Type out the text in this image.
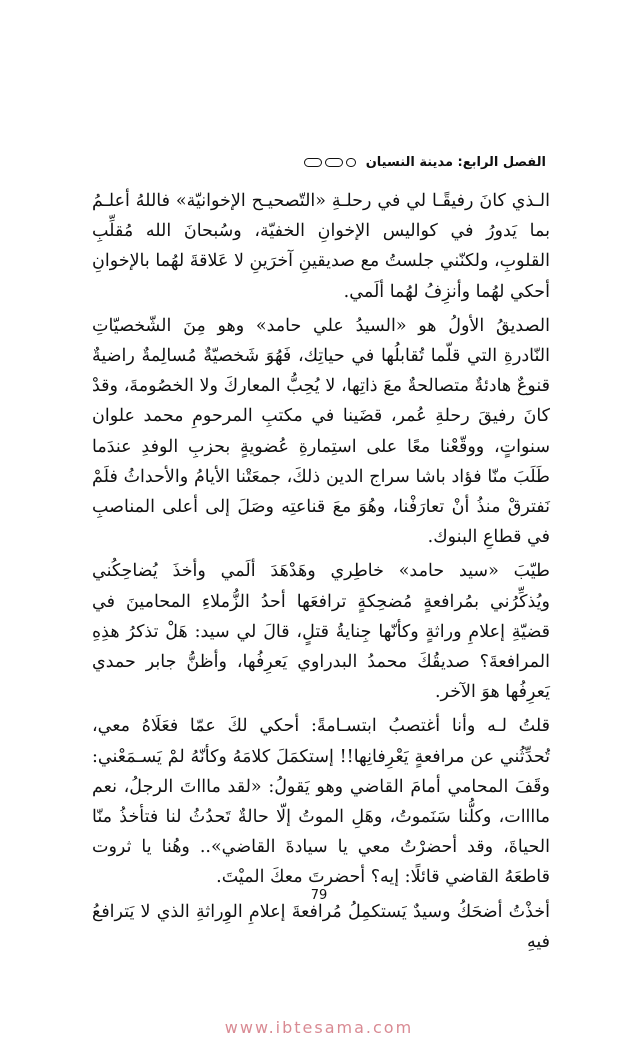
الفصل الرابع: مدينة النسيان

الـذي كانَ رفيقًـا لي في رحلـةِ «التّصحيـح الإخوانيّة» فاللهُ أعلـمُ بما يَدورُ في كواليس الإخوانِ الخفيّة، وسُبحانَ الله مُقلِّبِ القلوبِ، ولكنّني جلستُ مع صديقينِ آخرَينِ لا عَلاقةَ لهُما بالإخوانِ أحكي لهُما وأنزِفُ لهُما ألَمي.

الصديقُ الأولُ هو «السيدُ علي حامد» وهو مِنَ الشّخصيّاتِ النّادرةِ التي قلّما تُقابلُها في حياتِك، فَهُوَ شَخصيّةٌ مُسالِمةٌ راضيةٌ قنوعٌ هادئةٌ متصالحةٌ معَ ذاتِها، لا يُحِبُّ المعاركَ ولا الخصُومةَ، وقدْ كانَ رفيقَ رحلةِ عُمر، قضَينا في مكتبِ المرحومِ محمد علوان سنواتٍ، ووقّعْنا معًا على استِمارةِ عُضويةٍ بحزبِ الوفدِ عندَما طَلَبَ منّا فؤاد باشا سراج الدين ذلكَ، جمعَتْنا الأيامُ والأحداثُ فلَمْ نَفترقْ منذُ أنْ تعارَفْنا، وهُوَ معَ قناعتِه وصَلَ إلى أعلى المناصبِ في قطاعِ البنوك.

طيّبَ «سيد حامد» خاطِري وهَدْهَدَ ألَمي وأخذَ يُضاحِكُني ويُذكِّرُني بمُرافعةٍ مُضحِكةٍ ترافعَها أحدُ الزُّملاءِ المحامينَ في قضيّةِ إعلامِ وراثةٍ وكأنّها جِنايةُ قتلٍ، قالَ لي سيد: هَلْ تذكرُ هذِهِ المرافعةَ؟ صديقُكَ محمدُ البدراوي يَعرِفُها، وأظنُّ جابر حمدي يَعرِفُها هوَ الآخر.

قلتُ لـه وأنا أغتصبُ ابتسـامةً: أحكي لكَ عمّا فعَلَاهُ معي، تُحدِّثُني عن مرافعةٍ يَعْرِفانِها!! إستكمَلَ كلامَهُ وكأنّهُ لمْ يَسـمَعْني: وقَفَ المحامي أمامَ القاضي وهو يَقولُ: «لقد ماااتَ الرجلُ، نعم ماااات، وكلُّنا سَنَموتُ، وهَلِ الموتُ إلّا حالةٌ تَحدُثُ لنا فتأخذُ منّا الحياةَ، وقد أحضرْتُ معي يا سيادةَ القاضي».. وهُنا يا ثروت قاطعَهُ القاضي قائلًا: إيه؟ أحضرتَ معكَ الميْتَ.

أخذْتُ أضحَكُ وسيدٌ يَستكمِلُ مُرافعةَ إعلامِ الوِراثةِ الذي لا يَترافعُ فيهِ

79
www.ibtesama.com
